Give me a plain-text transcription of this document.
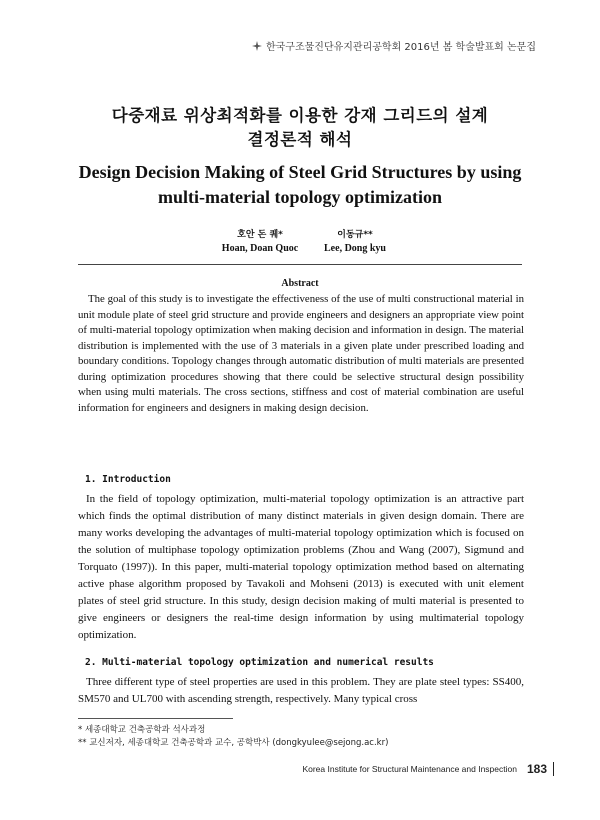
한국구조물진단유지관리공학회 2016년 봄 학술발표회 논문집
다중재료 위상최적화를 이용한 강재 그리드의 설계
결정론적 해석
Design Decision Making of Steel Grid Structures by using
multi-material topology optimization
호안 돈 퀘*
Hoan, Doan Quoc
이동규**
Lee, Dong kyu
Abstract

The goal of this study is to investigate the effectiveness of the use of multi constructional material in unit module plate of steel grid structure and provide engineers and designers an appropriate view point of multi-material topology optimization when making decision and information in design. The material distribution is implemented with the use of 3 materials in a given plate under prescribed loading and boundary conditions. Topology changes through automatic distribution of multi materials are presented during optimization procedures showing that there could be selective structural design possibility when using multi materials. The cross sections, stiffness and cost of material combination are useful information for engineers and designers in making design decision.

1. Introduction

In the field of topology optimization, multi-material topology optimization is an attractive part which finds the optimal distribution of many distinct materials in given design domain. There are many works developing the advantages of multi-material topology optimization which is focused on the solution of multiphase topology optimization problems (Zhou and Wang (2007), Sigmund and Torquato (1997)). In this paper, multi-material topology optimization method based on alternating active phase algorithm proposed by Tavakoli and Mohseni (2013) is executed with unit element plates of steel grid structure. In this study, design decision making of multi material is presented to give engineers or designers the real-time design information by using multimaterial topology optimization.

2. Multi-material topology optimization and numerical results

Three different type of steel properties are used in this problem. They are plate steel types: SS400, SM570 and UL700 with ascending strength, respectively. Many typical cross

* 세종대학교 건축공학과 석사과정
** 교신저자, 세종대학교 건축공학과 교수, 공학박사 (dongkyulee@sejong.ac.kr)
Korea Institute for Structural Maintenance and Inspection 183
